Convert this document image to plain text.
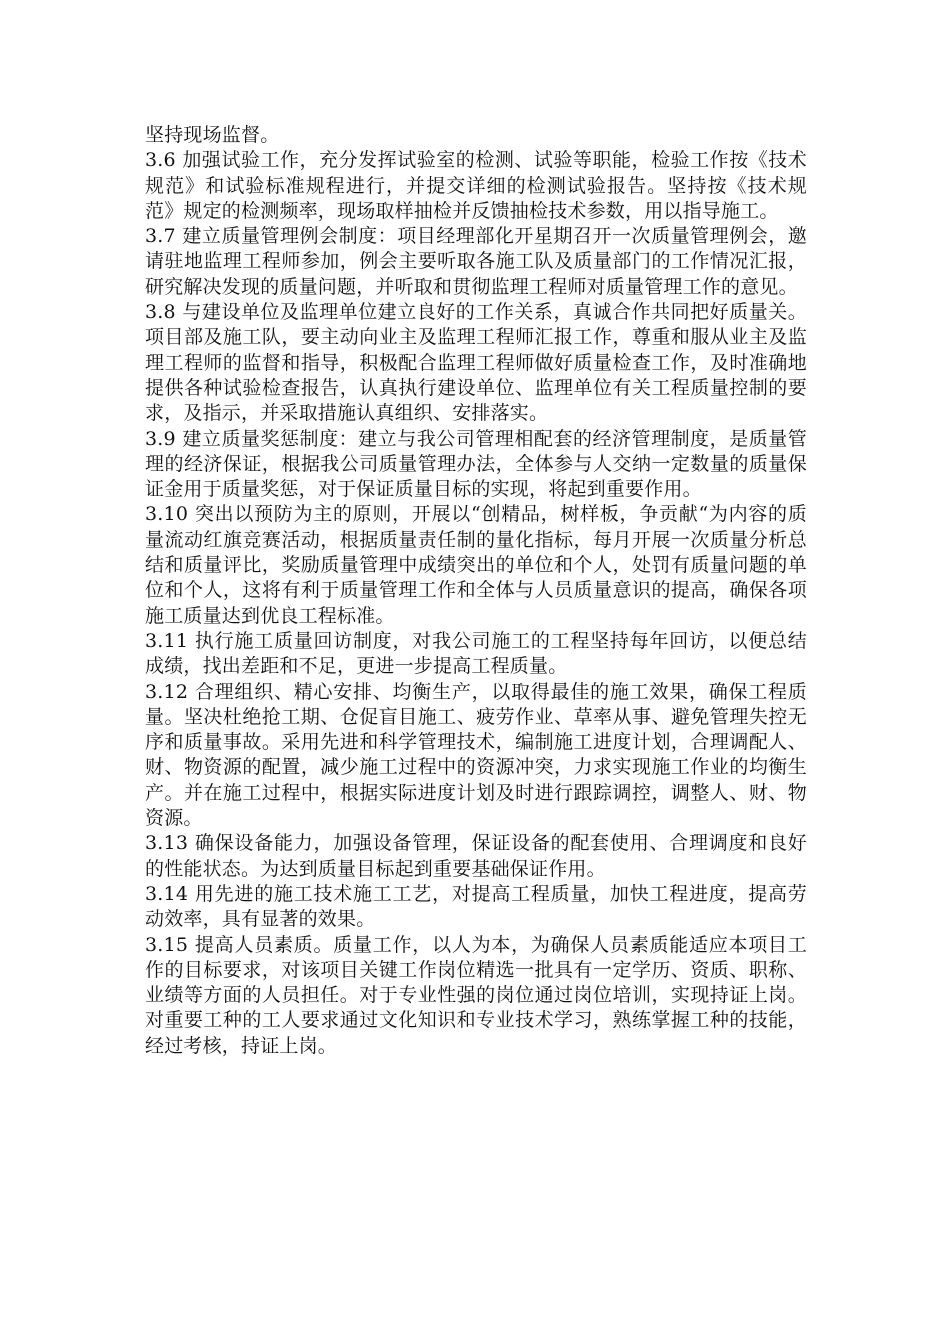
坚持现场监督。

3.6 加强试验工作，充分发挥试验室的检测、试验等职能，检验工作按《技术规范》和试验标准规程进行，并提交详细的检测试验报告。坚持按《技术规范》规定的检测频率，现场取样抽检并反馈抽检技术参数，用以指导施工。

3.7 建立质量管理例会制度：项目经理部化开星期召开一次质量管理例会，邀请驻地监理工程师参加，例会主要听取各施工队及质量部门的工作情况汇报，研究解决发现的质量问题，并听取和贯彻监理工程师对质量管理工作的意见。

3.8 与建设单位及监理单位建立良好的工作关系，真诚合作共同把好质量关。项目部及施工队，要主动向业主及监理工程师汇报工作，尊重和服从业主及监理工程师的监督和指导，积极配合监理工程师做好质量检查工作，及时准确地提供各种试验检查报告，认真执行建设单位、监理单位有关工程质量控制的要求，及指示，并采取措施认真组织、安排落实。

3.9 建立质量奖惩制度：建立与我公司管理相配套的经济管理制度，是质量管理的经济保证，根据我公司质量管理办法，全体参与人交纳一定数量的质量保证金用于质量奖惩，对于保证质量目标的实现，将起到重要作用。

3.10 突出以预防为主的原则，开展以“创精品，树样板，争贡献“为内容的质量流动红旗竞赛活动，根据质量责任制的量化指标，每月开展一次质量分析总结和质量评比，奖励质量管理中成绩突出的单位和个人，处罚有质量问题的单位和个人，这将有利于质量管理工作和全体与人员质量意识的提高，确保各项施工质量达到优良工程标准。

3.11 执行施工质量回访制度，对我公司施工的工程坚持每年回访，以便总结成绩，找出差距和不足，更进一步提高工程质量。

3.12 合理组织、精心安排、均衡生产，以取得最佳的施工效果，确保工程质量。坚决杜绝抢工期、仓促盲目施工、疲劳作业、草率从事、避免管理失控无序和质量事故。采用先进和科学管理技术，编制施工进度计划，合理调配人、财、物资源的配置，减少施工过程中的资源冲突，力求实现施工作业的均衡生产。并在施工过程中，根据实际进度计划及时进行跟踪调控，调整人、财、物资源。

3.13 确保设备能力，加强设备管理，保证设备的配套使用、合理调度和良好的性能状态。为达到质量目标起到重要基础保证作用。

3.14 用先进的施工技术施工工艺，对提高工程质量，加快工程进度，提高劳动效率，具有显著的效果。

3.15 提高人员素质。质量工作，以人为本，为确保人员素质能适应本项目工作的目标要求，对该项目关键工作岗位精选一批具有一定学历、资质、职称、业绩等方面的人员担任。对于专业性强的岗位通过岗位培训，实现持证上岗。对重要工种的工人要求通过文化知识和专业技术学习，熟练掌握工种的技能，经过考核，持证上岗。
